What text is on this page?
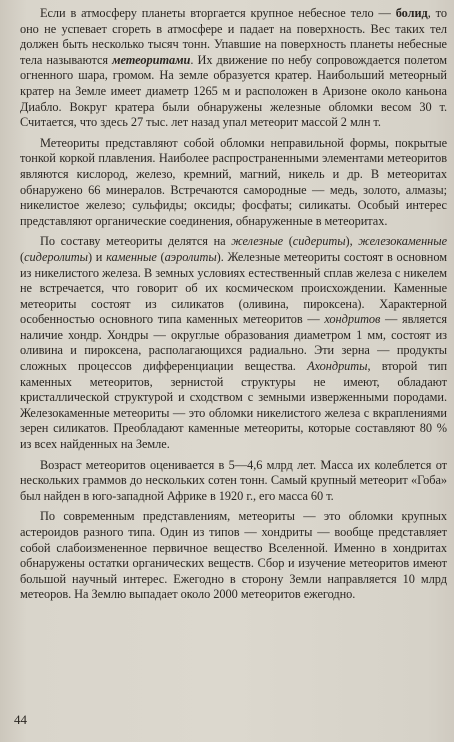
Если в атмосферу планеты вторгается крупное небесное тело — болид, то оно не успевает сгореть в атмосфере и падает на поверхность. Вес таких тел должен быть несколько тысяч тонн. Упавшие на поверхность планеты небесные тела называются метеоритами. Их движение по небу сопровождается полетом огненного шара, громом. На земле образуется кратер. Наибольший метеорный кратер на Земле имеет диаметр 1265 м и расположен в Аризоне около каньона Диабло. Вокруг кратера были обнаружены железные обломки весом 30 т. Считается, что здесь 27 тыс. лет назад упал метеорит массой 2 млн т.

Метеориты представляют собой обломки неправильной формы, покрытые тонкой коркой плавления. Наиболее распространенными элементами метеоритов являются кислород, железо, кремний, магний, никель и др. В метеоритах обнаружено 66 минералов. Встречаются самородные — медь, золото, алмазы; никелистое железо; сульфиды; оксиды; фосфаты; силикаты. Особый интерес представляют органические соединения, обнаруженные в метеоритах.

По составу метеориты делятся на железные (сидериты), железокаменные (сидеролиты) и каменные (аэролиты). Железные метеориты состоят в основном из никелистого железа. В земных условиях естественный сплав железа с никелем не встречается, что говорит об их космическом происхождении. Каменные метеориты состоят из силикатов (оливина, пироксена). Характерной особенностью основного типа каменных метеоритов — хондритов — является наличие хондр. Хондры — округлые образования диаметром 1 мм, состоят из оливина и пироксена, располагающихся радиально. Эти зерна — продукты сложных процессов дифференциации вещества. Ахондриты, второй тип каменных метеоритов, зернистой структуры не имеют, обладают кристаллической структурой и сходством с земными изверженными породами. Железокаменные метеориты — это обломки никелистого железа с вкраплениями зерен силикатов. Преобладают каменные метеориты, которые составляют 80 % из всех найденных на Земле.

Возраст метеоритов оценивается в 5—4,6 млрд лет. Масса их колеблется от нескольких граммов до нескольких сотен тонн. Самый крупный метеорит «Гоба» был найден в юго-западной Африке в 1920 г., его масса 60 т.

По современным представлениям, метеориты — это обломки крупных астероидов разного типа. Один из типов — хондриты — вообще представляет собой слабоизмененное первичное вещество Вселенной. Именно в хондритах обнаружены остатки органических веществ. Сбор и изучение метеоритов имеют большой научный интерес. Ежегодно в сторону Земли направляется 10 млрд метеоров. На Землю выпадает около 2000 метеоритов ежегодно.

44
